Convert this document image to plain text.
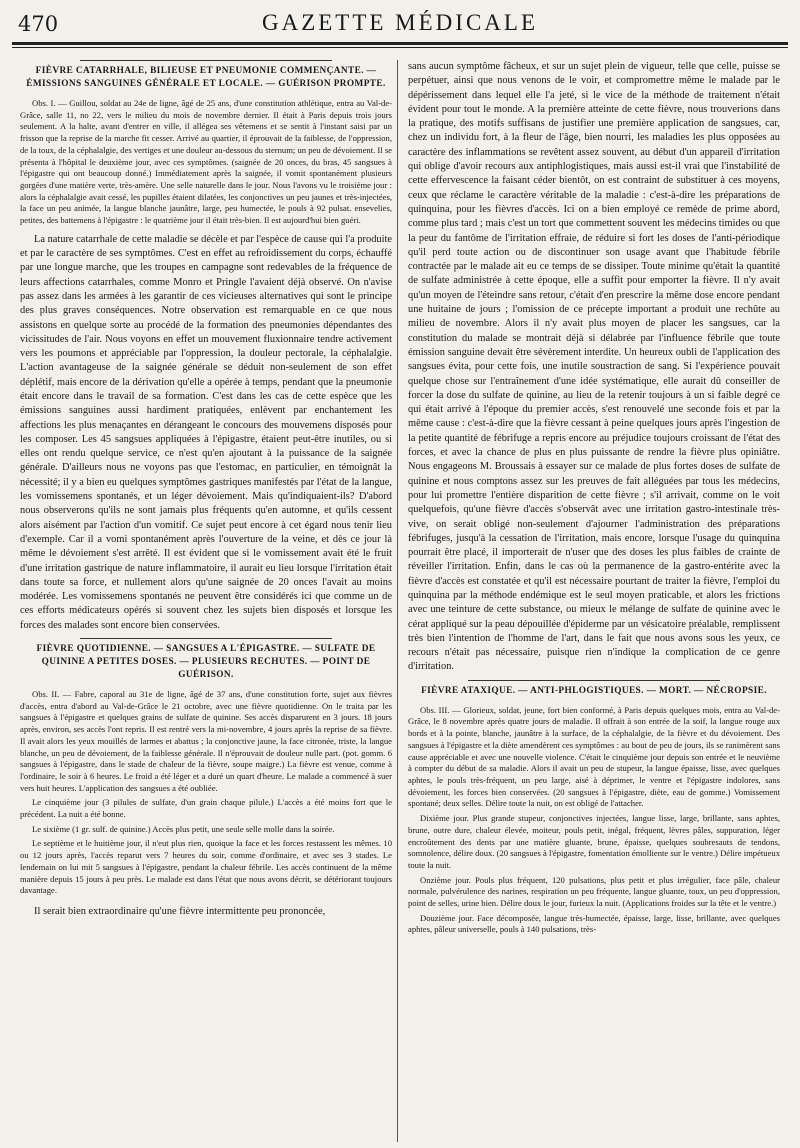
470	GAZETTE MÉDICALE
FIÈVRE CATARRHALE, BILIEUSE ET PNEUMONIE COMMENÇANTE. — ÉMISSIONS SANGUINES GÉNÉRALE ET LOCALE. — GUÉRISON PROMPTE.

Obs. I. — Guillou, soldat au 24e de ligne, âgé de 25 ans, d'une constitution athlétique, entra au Val-de-Grâce, salle 11, no 22, vers le milieu du mois de novembre dernier. Il était à Paris depuis trois jours seulement. A la halte, avant d'entrer en ville, il allégea ses vêtemens et se sentit à l'instant saisi par un frisson que la reprise de la marche fit cesser. Arrivé au quartier, il éprouvait de la faiblesse, de l'oppression, de la toux, de la céphalalgie, des vertiges et une douleur au-dessous du sternum; un peu de dévoiement. Il se présenta à l'hôpital le deuxième jour, avec ces symptômes. (saignée de 20 onces, du bras, 45 sangsues à l'épigastre qui ont beaucoup donné.) Immédiatement après la saignée, il vomit spontanément plusieurs gorgées d'une matière verte, très-amère. Une selle naturelle dans le jour. Nous l'avons vu le troisième jour : alors la céphalalgie avait cessé, les pupilles étaient dilatées, les conjonctives un peu jaunes et très-injectées, la face un peu animée, la langue blanche jaunâtre, large, peu humectée, le pouls à 92 pulsat. ensevelies, petites, des battemens à l'épigastre : le quatrième jour il était très-bien. Il est aujourd'hui bien guéri.

La nature catarrhale de cette maladie se décèle et par l'espèce de cause qui l'a produite et par le caractère de ses symptômes. C'est en effet au refroidissement du corps, échauffé par une longue marche, que les troupes en campagne sont redevables de la fréquence de leurs affections catarrhales, comme Monro et Pringle l'avaient déjà observé. On n'avise pas assez dans les armées à les garantir de ces vicieuses alternatives qui sont le principe des plus graves conséquences. Notre observation est remarquable en ce que nous assistons en quelque sorte au procédé de la formation des pneumonies dépendantes des vicissitudes de l'air. Nous voyons en effet un mouvement fluxionnaire tendre activement vers les poumons et appréciable par l'oppression, la douleur pectorale, la céphalalgie. L'action avantageuse de la saignée générale se déduit non-seulement de son effet déplétif, mais encore de la dérivation qu'elle a opérée à temps, pendant que la pneumonie était encore dans le travail de sa formation. C'est dans les cas de cette espèce que les émissions sanguines aussi hardiment pratiquées, enlèvent par enchantement les affections les plus menaçantes en dérangeant le concours des mouvemens disposés pour les composer. Les 45 sangsues appliquées à l'épigastre, étaient peut-être inutiles, ou si elles ont rendu quelque service, ce n'est qu'en ajoutant à la puissance de la saignée générale. D'ailleurs nous ne voyons pas que l'estomac, en particulier, en témoignât la nécessité; il y a bien eu quelques symptômes gastriques manifestés par l'état de la langue, les vomissemens spontanés, et un léger dévoiement. Mais qu'indiquaient-ils? D'abord nous observerons qu'ils ne sont jamais plus fréquents qu'en automne, et qu'ils cessent alors aisément par l'action d'un vomitif. Ce sujet peut encore à cet égard nous tenir lieu d'exemple. Car il a vomi spontanément après l'ouverture de la veine, et dès ce jour là même le dévoiement s'est arrêté. Il est évident que si le vomissement avait été le fruit d'une irritation gastrique de nature inflammatoire, il aurait eu lieu lorsque l'irritation était dans toute sa force, et nullement alors qu'une saignée de 20 onces l'avait au moins modérée. Les vomissemens spontanés ne peuvent être considérés ici que comme un de ces efforts médicateurs opérés si souvent chez les sujets bien disposés et lorsque les forces des malades sont encore bien conservées.

FIÈVRE QUOTIDIENNE. — SANGSUES A L'ÉPIGASTRE. — SULFATE DE QUININE A PETITES DOSES. — PLUSIEURS RECHUTES. — POINT DE GUÉRISON.

Obs. II. — Fabre, caporal au 31e de ligne, âgé de 37 ans, d'une constitution forte, sujet aux fièvres d'accès, entra d'abord au Val-de-Grâce le 21 octobre, avec une fièvre quotidienne. On le traita par les sangsues à l'épigastre et quelques grains de sulfate de quinine. Ses accès disparurent en 3 jours. 18 jours après, environ, ses accès l'ont repris. Il est rentré vers la mi-novembre, 4 jours après la reprise de sa fièvre. Il avait alors les yeux mouillés de larmes et abattus ; la conjonctive jaune, la face citronée, triste, la langue blanche, un peu de dévoiement, de la faiblesse générale. Il n'éprouvait de douleur nulle part. (pot. gomm. 6 sangsues à l'épigastre, dans le stade de chaleur de la fièvre, soupe maigre.) La fièvre est venue, comme à l'ordinaire, le soir à 6 heures. Le froid a été léger et a duré un quart d'heure. Le malade a commencé à suer vers huit heures. L'application des sangsues a été oubliée.

Le cinquième jour (3 pilules de sulfate, d'un grain chaque pilule.) L'accès a été moins fort que le précédent. La nuit a été bonne.

Le sixième (1 gr. sulf. de quinine.) Accès plus petit, une seule selle molle dans la soirée.

Le septième et le huitième jour, il n'eut plus rien, quoique la face et les forces restassent les mêmes. 10 ou 12 jours après, l'accès reparut vers 7 heures du soir, comme d'ordinaire, et avec ses 3 stades. Le lendemain on lui mit 5 sangsues à l'épigastre, pendant la chaleur fébrile. Les accès continuent de la même manière depuis 15 jours à peu près. Le malade est dans l'état que nous avons décrit, se détériorant toujours davantage.

Il serait bien extraordinaire qu'une fièvre intermittente peu prononcée,

sans aucun symptôme fâcheux, et sur un sujet plein de vigueur, telle que celle, puisse se perpétuer, ainsi que nous venons de le voir, et compromettre même le malade par le dépérissement dans lequel elle l'a jeté, si le vice de la méthode de traitement n'était évident pour tout le monde. A la première atteinte de cette fièvre, nous trouverions dans la pratique, des motifs suffisans de justifier une première application de sangsues, car, chez un individu fort, à la fleur de l'âge, bien nourri, les maladies les plus opposées au caractère des inflammations se revêtent assez souvent, au début d'un appareil d'irritation qui oblige d'avoir recours aux antiphlogistiques, mais aussi est-il vrai que l'instabilité de cette effervescence la faisant céder bientôt, on est contraint de substituer à ces moyens, ceux que réclame le caractère véritable de la maladie : c'est-à-dire les préparations de quinquina, pour les fièvres d'accès. Ici on a bien employé ce remède de prime abord, comme plus tard ; mais c'est un tort que commettent souvent les médecins timides ou que la peur du fantôme de l'irritation effraie, de réduire si fort les doses de l'anti-périodique qu'il perd toute action ou de discontinuer son usage avant que l'habitude fébrile contractée par le malade ait eu ce temps de se dissiper. Toute minime qu'était la quantité de sulfate administrée à cette époque, elle a suffit pour emporter la fièvre. Il n'y avait qu'un moyen de l'éteindre sans retour, c'était d'en prescrire la même dose encore pendant une huitaine de jours ; l'omission de ce précepte important a produit une rechûte au milieu de novembre. Alors il n'y avait plus moyen de placer les sangsues, car la constitution du malade se montrait déjà si délabrée par l'influence fébrile que toute émission sanguine devait être sévèrement interdite. Un heureux oubli de l'application des sangsues évita, pour cette fois, une inutile soustraction de sang. Si l'expérience pouvait quelque chose sur l'entraînement d'une idée systématique, elle aurait dû conseiller de forcer la dose du sulfate de quinine, au lieu de la retenir toujours à un si faible degré ce qui était arrivé à l'époque du premier accès, s'est renouvelé une seconde fois et par la même cause : c'est-à-dire que la fièvre cessant à peine quelques jours après l'ingestion de la petite quantité de fébrifuge a repris encore au préjudice toujours croissant de l'état des forces, et avec la chance de plus en plus puissante de rendre la fièvre plus opiniâtre. Nous engageons M. Broussais à essayer sur ce malade de plus fortes doses de sulfate de quinine et nous comptons assez sur les preuves de fait alléguées par tous les médecins, pour lui promettre l'entière disparition de cette fièvre ; s'il arrivait, comme on le voit quelquefois, qu'une fièvre d'accès s'observât avec une irritation gastro-intestinale très-vive, on serait obligé non-seulement d'ajourner l'administration des préparations fébrifuges, jusqu'à la cessation de l'irritation, mais encore, lorsque l'usage du quinquina pourrait être placé, il importerait de n'user que des doses les plus faibles de crainte de réveiller l'irritation. Enfin, dans le cas où la permanence de la gastro-entérite avec la fièvre d'accès est constatée et qu'il est nécessaire pourtant de traiter la fièvre, l'emploi du quinquina par la méthode endémique est le seul moyen praticable, et alors les frictions avec une teinture de cette substance, ou mieux le mélange de sulfate de quinine avec le cérat appliqué sur la peau dépouillée d'épiderme par un vésicatoire préalable, remplissent très bien l'intention de l'homme de l'art, dans le fait que nous avons sous les yeux, ce recours n'était pas nécessaire, puisque rien n'indique la complication de ce genre d'irritation.

FIÈVRE ATAXIQUE. — ANTI-PHLOGISTIQUES. — MORT. — NÉCROPSIE.

Obs. III. — Glorieux, soldat, jeune, fort bien conformé, à Paris depuis quelques mois, entra au Val-de-Grâce, le 8 novembre après quatre jours de maladie. Il offrait à son entrée de la soif, la langue rouge aux bords et à la pointe, blanche, jaunâtre à la surface, de la céphalalgie, de la fièvre et du dévoiement. Des sangsues à l'épigastre et la diète amendèrent ces symptômes : au bout de peu de jours, ils se ranimèrent sans cause appréciable et avec une nouvelle violence. C'était le cinquième jour depuis son entrée et le neuvième à compter du début de sa maladie. Alors il avait un peu de stupeur, la langue épaisse, lisse, avec quelques aphtes, le pouls très-fréquent, un peu large, aisé à déprimer, le ventre et l'épigastre indolores, sans dévoiement, les forces bien conservées. (20 sangsues à l'épigastre, diète, eau de gomme.) Vomissement spontané; deux selles. Délire toute la nuit, on est obligé de l'attacher.

Dixième jour. Plus grande stupeur, conjonctives injectées, langue lisse, large, brillante, sans aphtes, brune, outre dure, chaleur élevée, moiteur, pouls petit, inégal, fréquent, lèvres pâles, suppuration, léger encroûtement des dents par une matière gluante, brune, épaisse, quelques soubresauts de tendons, somnolence, délire doux. (20 sangsues à l'épigastre, fomentation émolliente sur le ventre.) Délire impétueux toute la nuit.

Onzième jour. Pouls plus fréquent, 120 pulsations, plus petit et plus irrégulier, face pâle, chaleur normale, pulvérulence des narines, respiration un peu fréquente, langue gluante, toux, un peu d'oppression, point de selles, urine bien. Délire doux le jour, furieux la nuit. (Applications froides sur la tête et le ventre.)

Douzième jour. Face décomposée, langue très-humectée, épaisse, large, lisse, brillante, avec quelques aphtes, pâleur universelle, pouls à 140 pulsations, très-
